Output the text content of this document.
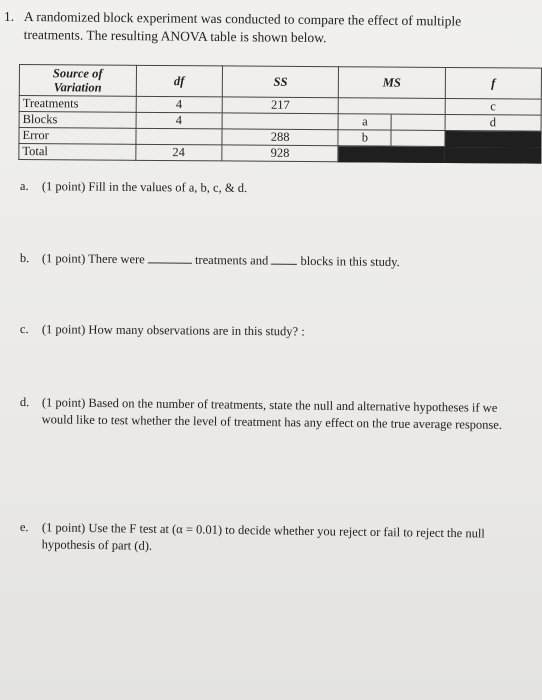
1. A randomized block experiment was conducted to compare the effect of multiple treatments. The resulting ANOVA table is shown below.
Source of
Variation	df	SS	MS	f
Treatments	4	217		c
Blocks	4		a	d
Error		288	b	

Total	24	928		
a. (1 point) Fill in the values of a, b, c, & d.
b. (1 point) There were	treatments and	blocks in this study.
c. (1 point) How many observations are in this study? :
d. (1 point) Based on the number of treatments, state the null and alternative hypotheses if we would like to test whether the level of treatment has any effect on the true average response.
e.	(1 point) Use the F test at (α = 0.01) to decide whether you reject or fail to reject the null hypothesis of part (d).
